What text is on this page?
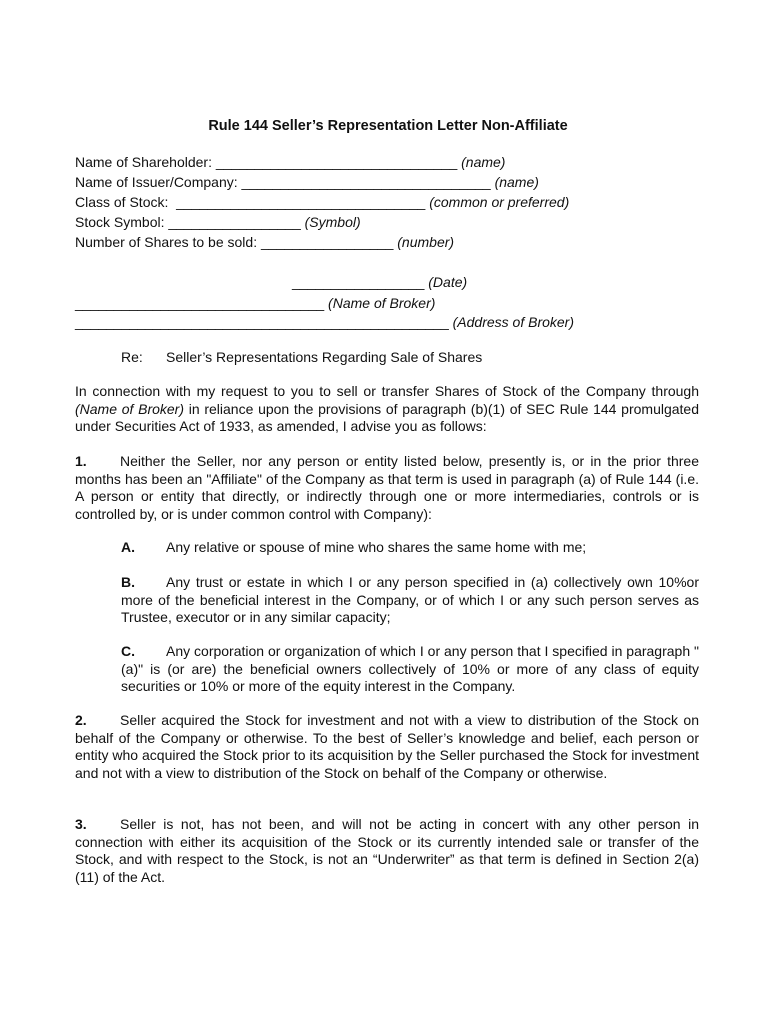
Rule 144 Seller’s Representation Letter Non-Affiliate
Name of Shareholder: _______________________________ (name)
Name of Issuer/Company: ________________________________ (name)
Class of Stock: ________________________________ (common or preferred)
Stock Symbol: _________________ (Symbol)
Number of Shares to be sold: _________________ (number)
_________________ (Date)
________________________________ (Name of Broker)
________________________________________________ (Address of Broker)
Re: Seller’s Representations Regarding Sale of Shares
In connection with my request to you to sell or transfer Shares of Stock of the Company through (Name of Broker) in reliance upon the provisions of paragraph (b)(1) of SEC Rule 144 promulgated under Securities Act of 1933, as amended, I advise you as follows:
1. Neither the Seller, nor any person or entity listed below, presently is, or in the prior three months has been an "Affiliate" of the Company as that term is used in paragraph (a) of Rule 144 (i.e. A person or entity that directly, or indirectly through one or more intermediaries, controls or is controlled by, or is under common control with Company):
A. Any relative or spouse of mine who shares the same home with me;
B. Any trust or estate in which I or any person specified in (a) collectively own 10%or more of the beneficial interest in the Company, or of which I or any such person serves as Trustee, executor or in any similar capacity;
C. Any corporation or organization of which I or any person that I specified in paragraph "(a)" is (or are) the beneficial owners collectively of 10% or more of any class of equity securities or 10% or more of the equity interest in the Company.
2. Seller acquired the Stock for investment and not with a view to distribution of the Stock on behalf of the Company or otherwise. To the best of Seller’s knowledge and belief, each person or entity who acquired the Stock prior to its acquisition by the Seller purchased the Stock for investment and not with a view to distribution of the Stock on behalf of the Company or otherwise.
3. Seller is not, has not been, and will not be acting in concert with any other person in connection with either its acquisition of the Stock or its currently intended sale or transfer of the Stock, and with respect to the Stock, is not an “Underwriter” as that term is defined in Section 2(a)(11) of the Act.
